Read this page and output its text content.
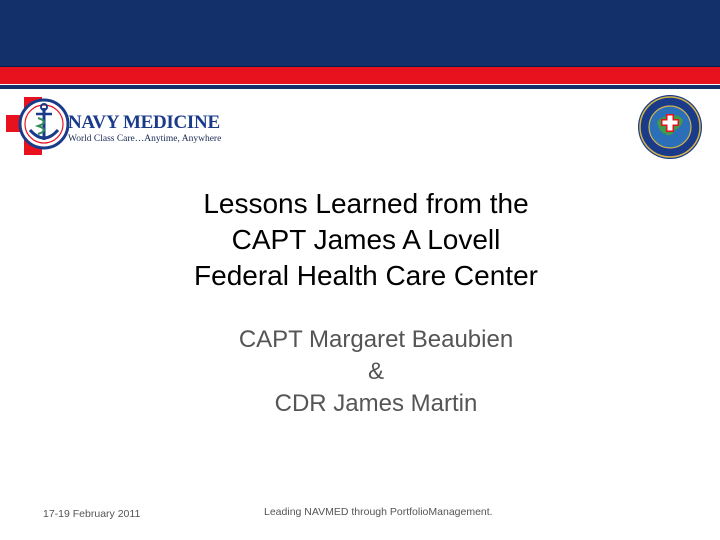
NAVY MEDICINE
World Class Care…Anytime, Anywhere
Lessons Learned from the
CAPT James A Lovell
Federal Health Care Center
CAPT Margaret Beaubien
&
CDR James Martin
17-19 February 2011	Leading NAVMED through PortfolioManagement.
